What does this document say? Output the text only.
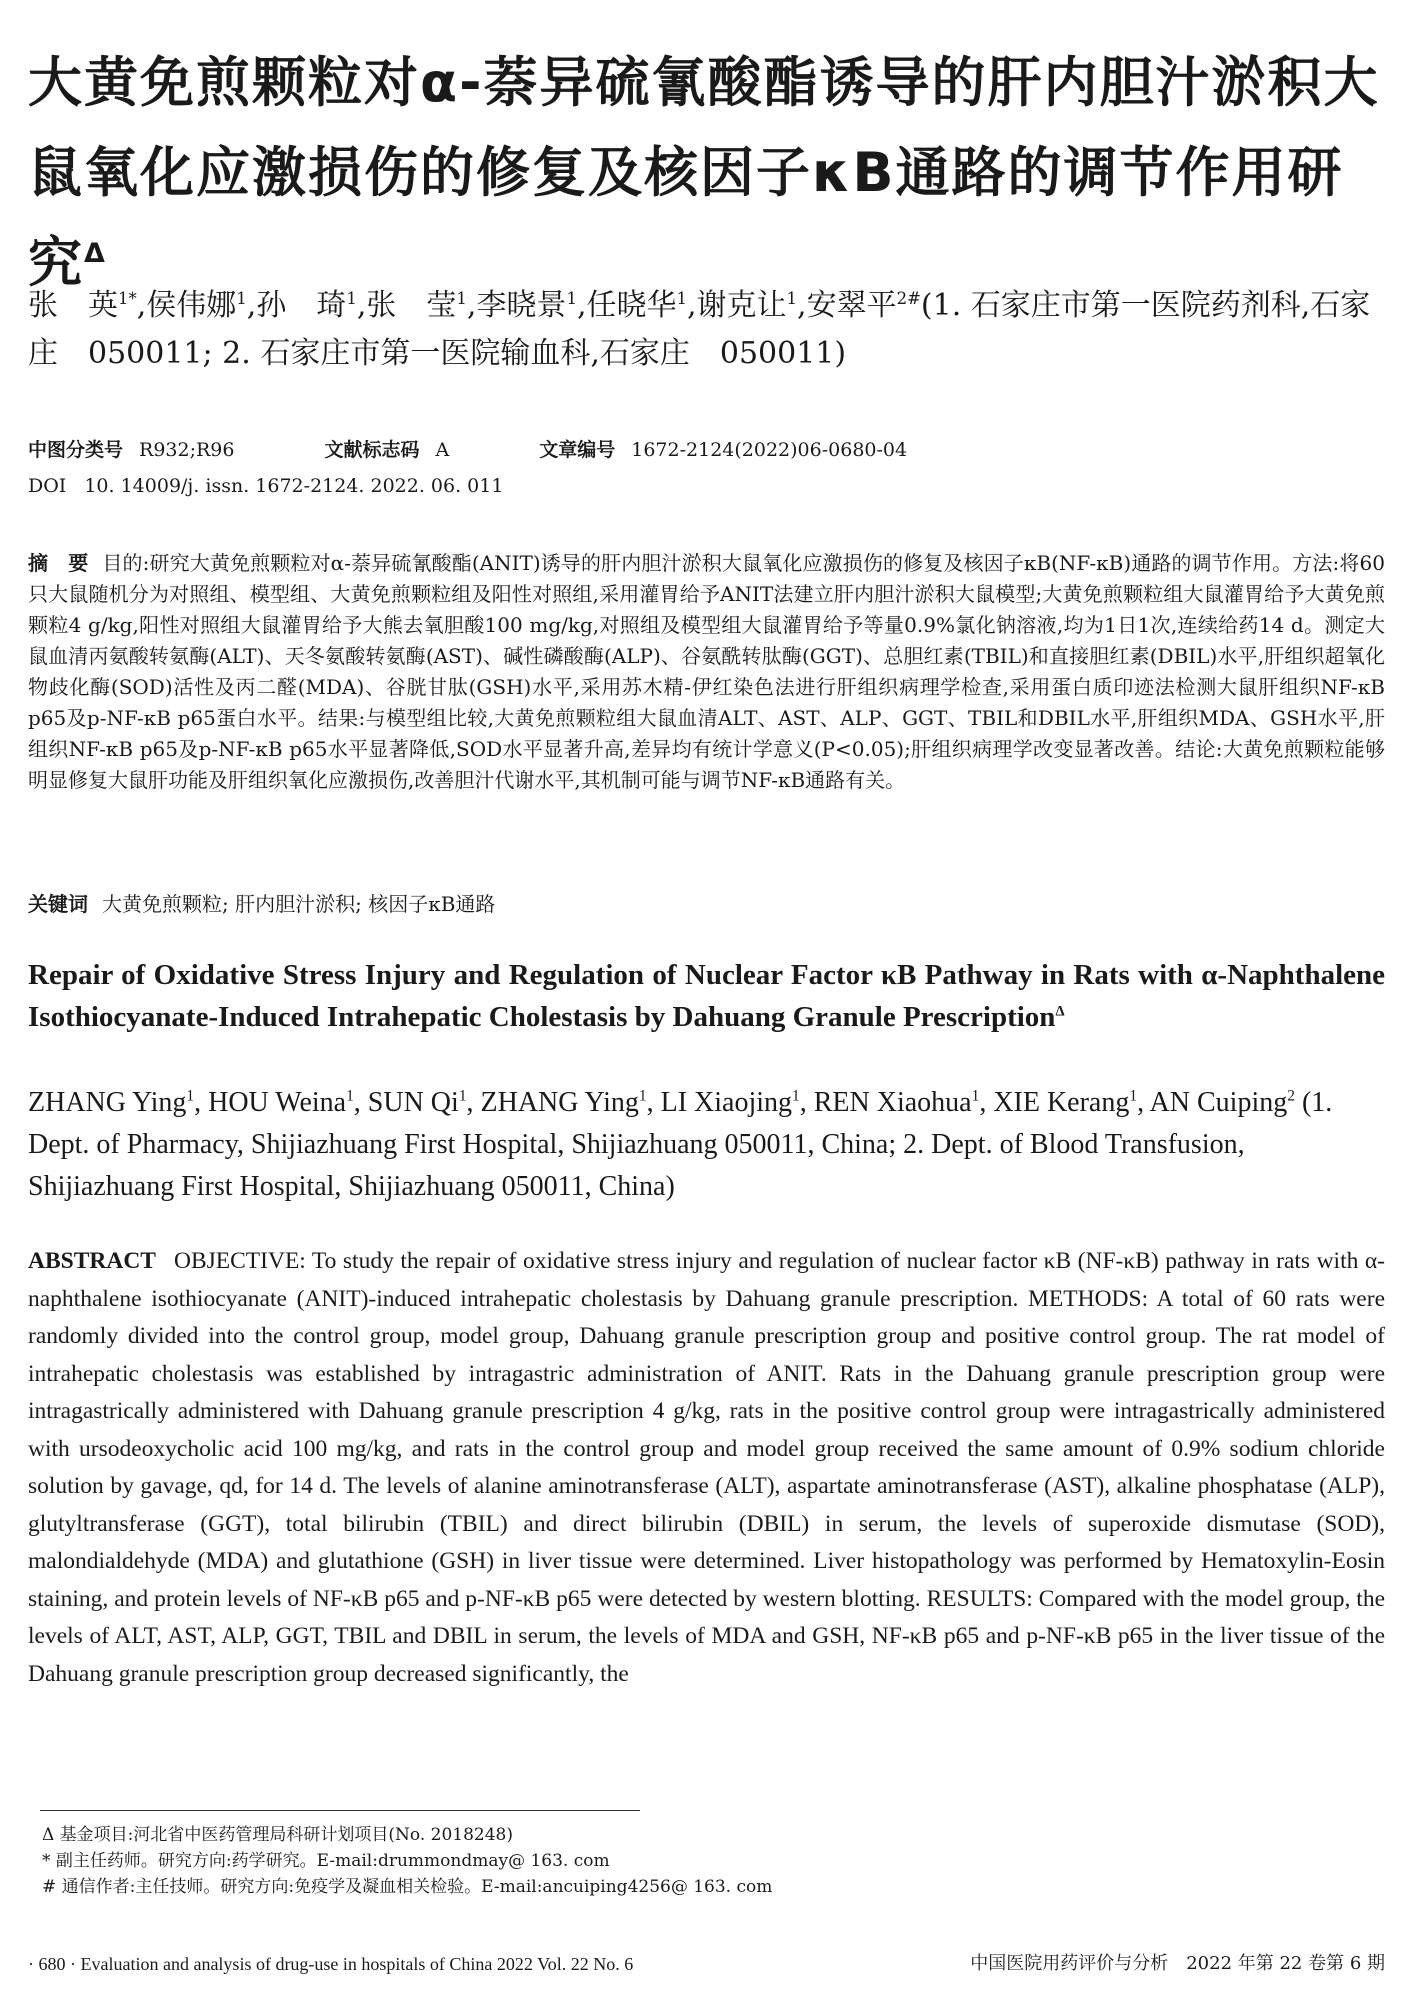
大黄免煎颗粒对α-萘异硫氰酸酯诱导的肝内胆汁淤积大鼠氧化应激损伤的修复及核因子κB通路的调节作用研究$^\Delta$
张　英$^{1*}$,侯伟娜$^1$,孙　琦$^1$,张　莹$^1$,李晓景$^1$,任晓华$^1$,谢克让$^1$,安翠平$^{2\#}$(1. 石家庄市第一医院药剂科,石家庄　050011; 2. 石家庄市第一医院输血科,石家庄　050011)
中图分类号 R932;R96	文献标志码 A	文章编号 1672-2124(2022)06-0680-04
DOI 10. 14009/j. issn. 1672-2124. 2022. 06. 011
摘　要 目的:研究大黄免煎颗粒对α-萘异硫氰酸酯(ANIT)诱导的肝内胆汁淤积大鼠氧化应激损伤的修复及核因子κB(NF-κB)通路的调节作用。方法:将60只大鼠随机分为对照组、模型组、大黄免煎颗粒组及阳性对照组,采用灌胃给予ANIT法建立肝内胆汁淤积大鼠模型;大黄免煎颗粒组大鼠灌胃给予大黄免煎颗粒4 g/kg,阳性对照组大鼠灌胃给予大熊去氧胆酸100 mg/kg,对照组及模型组大鼠灌胃给予等量0.9%氯化钠溶液,均为1日1次,连续给药14 d。测定大鼠血清丙氨酸转氨酶(ALT)、天冬氨酸转氨酶(AST)、碱性磷酸酶(ALP)、谷氨酰转肽酶(GGT)、总胆红素(TBIL)和直接胆红素(DBIL)水平,肝组织超氧化物歧化酶(SOD)活性及丙二醛(MDA)、谷胱甘肽(GSH)水平,采用苏木精-伊红染色法进行肝组织病理学检查,采用蛋白质印迹法检测大鼠肝组织NF-κB p65及p-NF-κB p65蛋白水平。结果:与模型组比较,大黄免煎颗粒组大鼠血清ALT、AST、ALP、GGT、TBIL和DBIL水平,肝组织MDA、GSH水平,肝组织NF-κB p65及p-NF-κB p65水平显著降低,SOD水平显著升高,差异均有统计学意义(P<0.05);肝组织病理学改变显著改善。结论:大黄免煎颗粒能够明显修复大鼠肝功能及肝组织氧化应激损伤,改善胆汁代谢水平,其机制可能与调节NF-κB通路有关。
关键词 大黄免煎颗粒; 肝内胆汁淤积; 核因子κB通路
Repair of Oxidative Stress Injury and Regulation of Nuclear Factor κB Pathway in Rats with α-Naphthalene Isothiocyanate-Induced Intrahepatic Cholestasis by Dahuang Granule Prescription$^\Delta$
ZHANG Ying$^1$, HOU Weina$^1$, SUN Qi$^1$, ZHANG Ying$^1$, LI Xiaojing$^1$, REN Xiaohua$^1$, XIE Kerang$^1$, AN Cuiping$^2$ (1. Dept. of Pharmacy, Shijiazhuang First Hospital, Shijiazhuang 050011, China; 2. Dept. of Blood Transfusion, Shijiazhuang First Hospital, Shijiazhuang 050011, China)
ABSTRACT OBJECTIVE: To study the repair of oxidative stress injury and regulation of nuclear factor κB (NF-κB) pathway in rats with α-naphthalene isothiocyanate (ANIT)-induced intrahepatic cholestasis by Dahuang granule prescription. METHODS: A total of 60 rats were randomly divided into the control group, model group, Dahuang granule prescription group and positive control group. The rat model of intrahepatic cholestasis was established by intragastric administration of ANIT. Rats in the Dahuang granule prescription group were intragastrically administered with Dahuang granule prescription 4 g/kg, rats in the positive control group were intragastrically administered with ursodeoxycholic acid 100 mg/kg, and rats in the control group and model group received the same amount of 0.9% sodium chloride solution by gavage, qd, for 14 d. The levels of alanine aminotransferase (ALT), aspartate aminotransferase (AST), alkaline phosphatase (ALP), glutyltransferase (GGT), total bilirubin (TBIL) and direct bilirubin (DBIL) in serum, the levels of superoxide dismutase (SOD), malondialdehyde (MDA) and glutathione (GSH) in liver tissue were determined. Liver histopathology was performed by Hematoxylin-Eosin staining, and protein levels of NF-κB p65 and p-NF-κB p65 were detected by western blotting. RESULTS: Compared with the model group, the levels of ALT, AST, ALP, GGT, TBIL and DBIL in serum, the levels of MDA and GSH, NF-κB p65 and p-NF-κB p65 in the liver tissue of the Dahuang granule prescription group decreased significantly, the
Δ 基金项目:河北省中医药管理局科研计划项目(No. 2018248)
* 副主任药师。研究方向:药学研究。E-mail:drummondmay@ 163. com
# 通信作者:主任技师。研究方向:免疫学及凝血相关检验。E-mail:ancuiping4256@ 163. com
· 680 · Evaluation and analysis of drug-use in hospitals of China 2022 Vol. 22 No. 6	中国医院用药评价与分析　2022 年第 22 卷第 6 期
